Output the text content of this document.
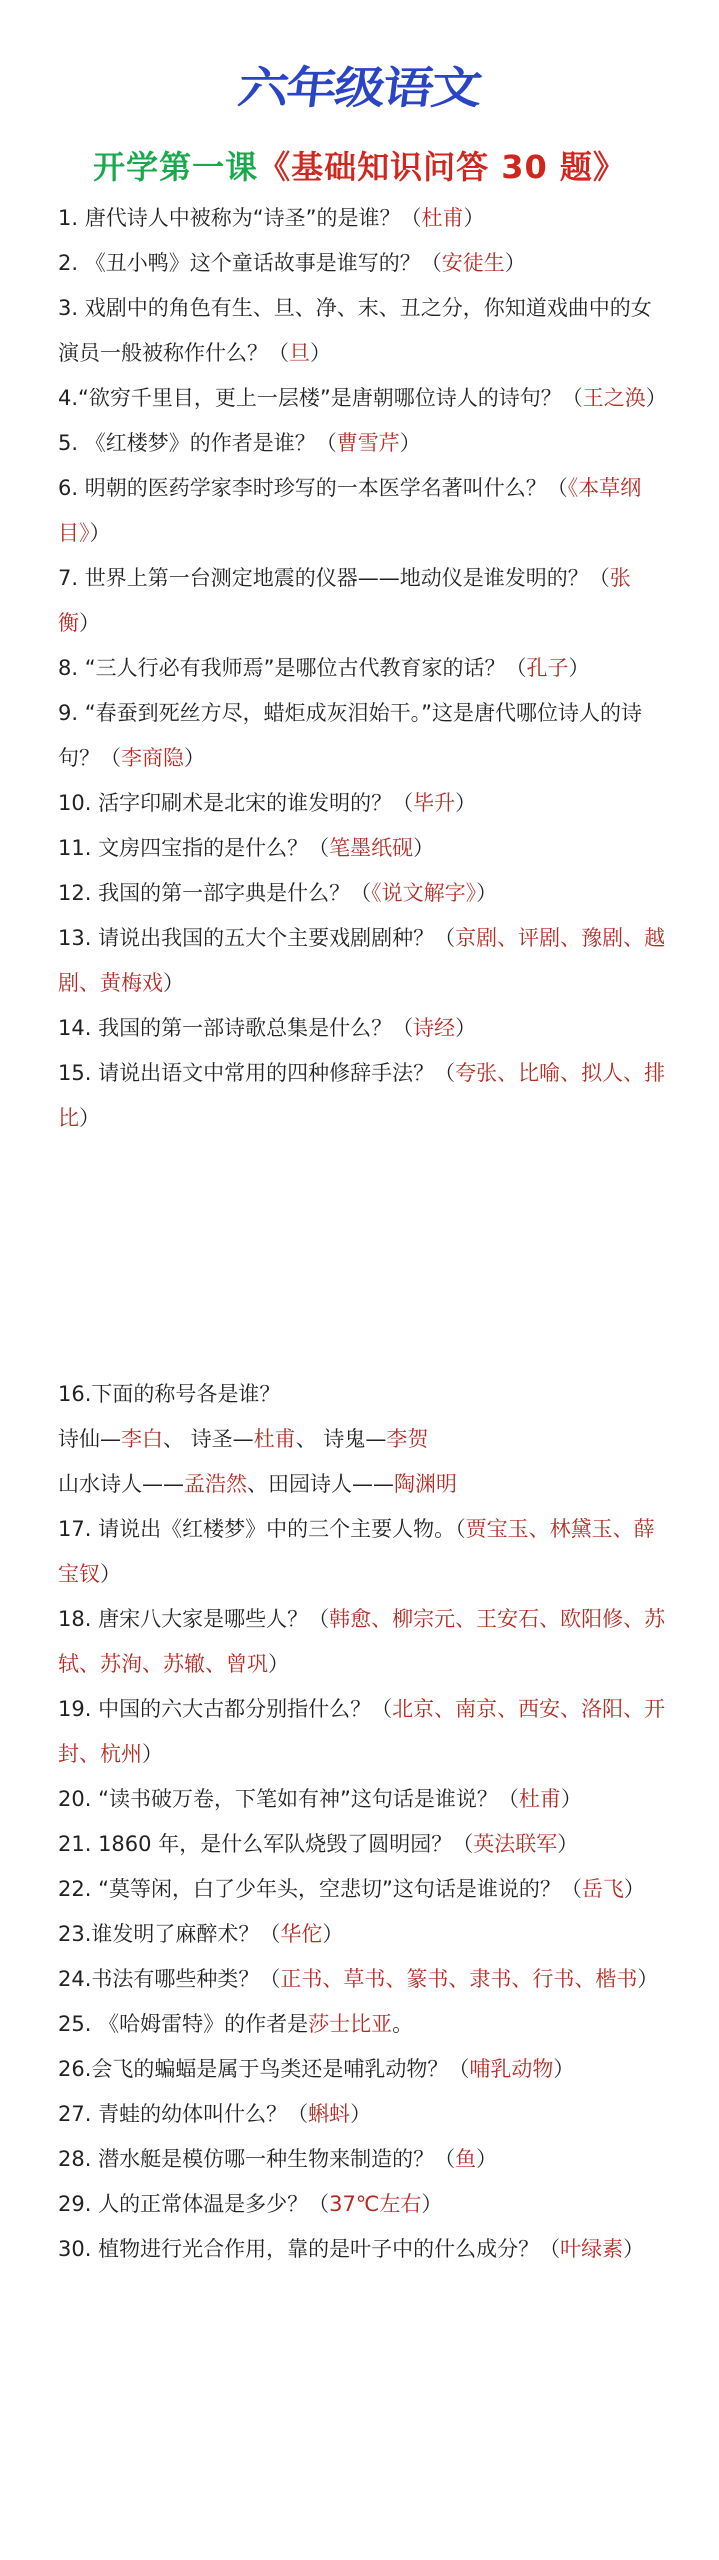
六年级语文
开学第一课《基础知识问答 30 题》

1. 唐代诗人中被称为“诗圣”的是谁？（杜甫）

2. 《丑小鸭》这个童话故事是谁写的？（安徒生）

3. 戏剧中的角色有生、旦、净、末、丑之分，你知道戏曲中的女演员一般被称作什么？（旦）

4.“欲穷千里目，更上一层楼”是唐朝哪位诗人的诗句？（王之涣）

5. 《红楼梦》的作者是谁？（曹雪芹）

6. 明朝的医药学家李时珍写的一本医学名著叫什么？（《本草纲目》）

7. 世界上第一台测定地震的仪器——地动仪是谁发明的？（张衡）

8. “三人行必有我师焉”是哪位古代教育家的话？（孔子）

9. “春蚕到死丝方尽，蜡炬成灰泪始干。”这是唐代哪位诗人的诗句？（李商隐）

10. 活字印刷术是北宋的谁发明的？（毕升）

11. 文房四宝指的是什么？（笔墨纸砚）

12. 我国的第一部字典是什么？（《说文解字》）

13. 请说出我国的五大个主要戏剧剧种？（京剧、评剧、豫剧、越剧、黄梅戏）

14. 我国的第一部诗歌总集是什么？（诗经）

15. 请说出语文中常用的四种修辞手法？（夸张、比喻、拟人、排比）

16.下面的称号各是谁？

诗仙—李白、 诗圣—杜甫、 诗鬼—李贺

山水诗人——孟浩然、田园诗人——陶渊明

17. 请说出《红楼梦》中的三个主要人物。（贾宝玉、林黛玉、薛宝钗）

18. 唐宋八大家是哪些人？（韩愈、柳宗元、王安石、欧阳修、苏轼、苏洵、苏辙、曾巩）

19. 中国的六大古都分别指什么？（北京、南京、西安、洛阳、开封、杭州）

20. “读书破万卷，下笔如有神”这句话是谁说？（杜甫）

21. 1860 年，是什么军队烧毁了圆明园？（英法联军）

22. “莫等闲，白了少年头，空悲切”这句话是谁说的？（岳飞）

23.谁发明了麻醉术？（华佗）

24.书法有哪些种类？（正书、草书、篆书、隶书、行书、楷书）

25. 《哈姆雷特》的作者是莎士比亚。

26.会飞的蝙蝠是属于鸟类还是哺乳动物？（哺乳动物）

27. 青蛙的幼体叫什么？（蝌蚪）

28. 潜水艇是模仿哪一种生物来制造的？（鱼）

29. 人的正常体温是多少？（37℃左右）

30. 植物进行光合作用，靠的是叶子中的什么成分？（叶绿素）
